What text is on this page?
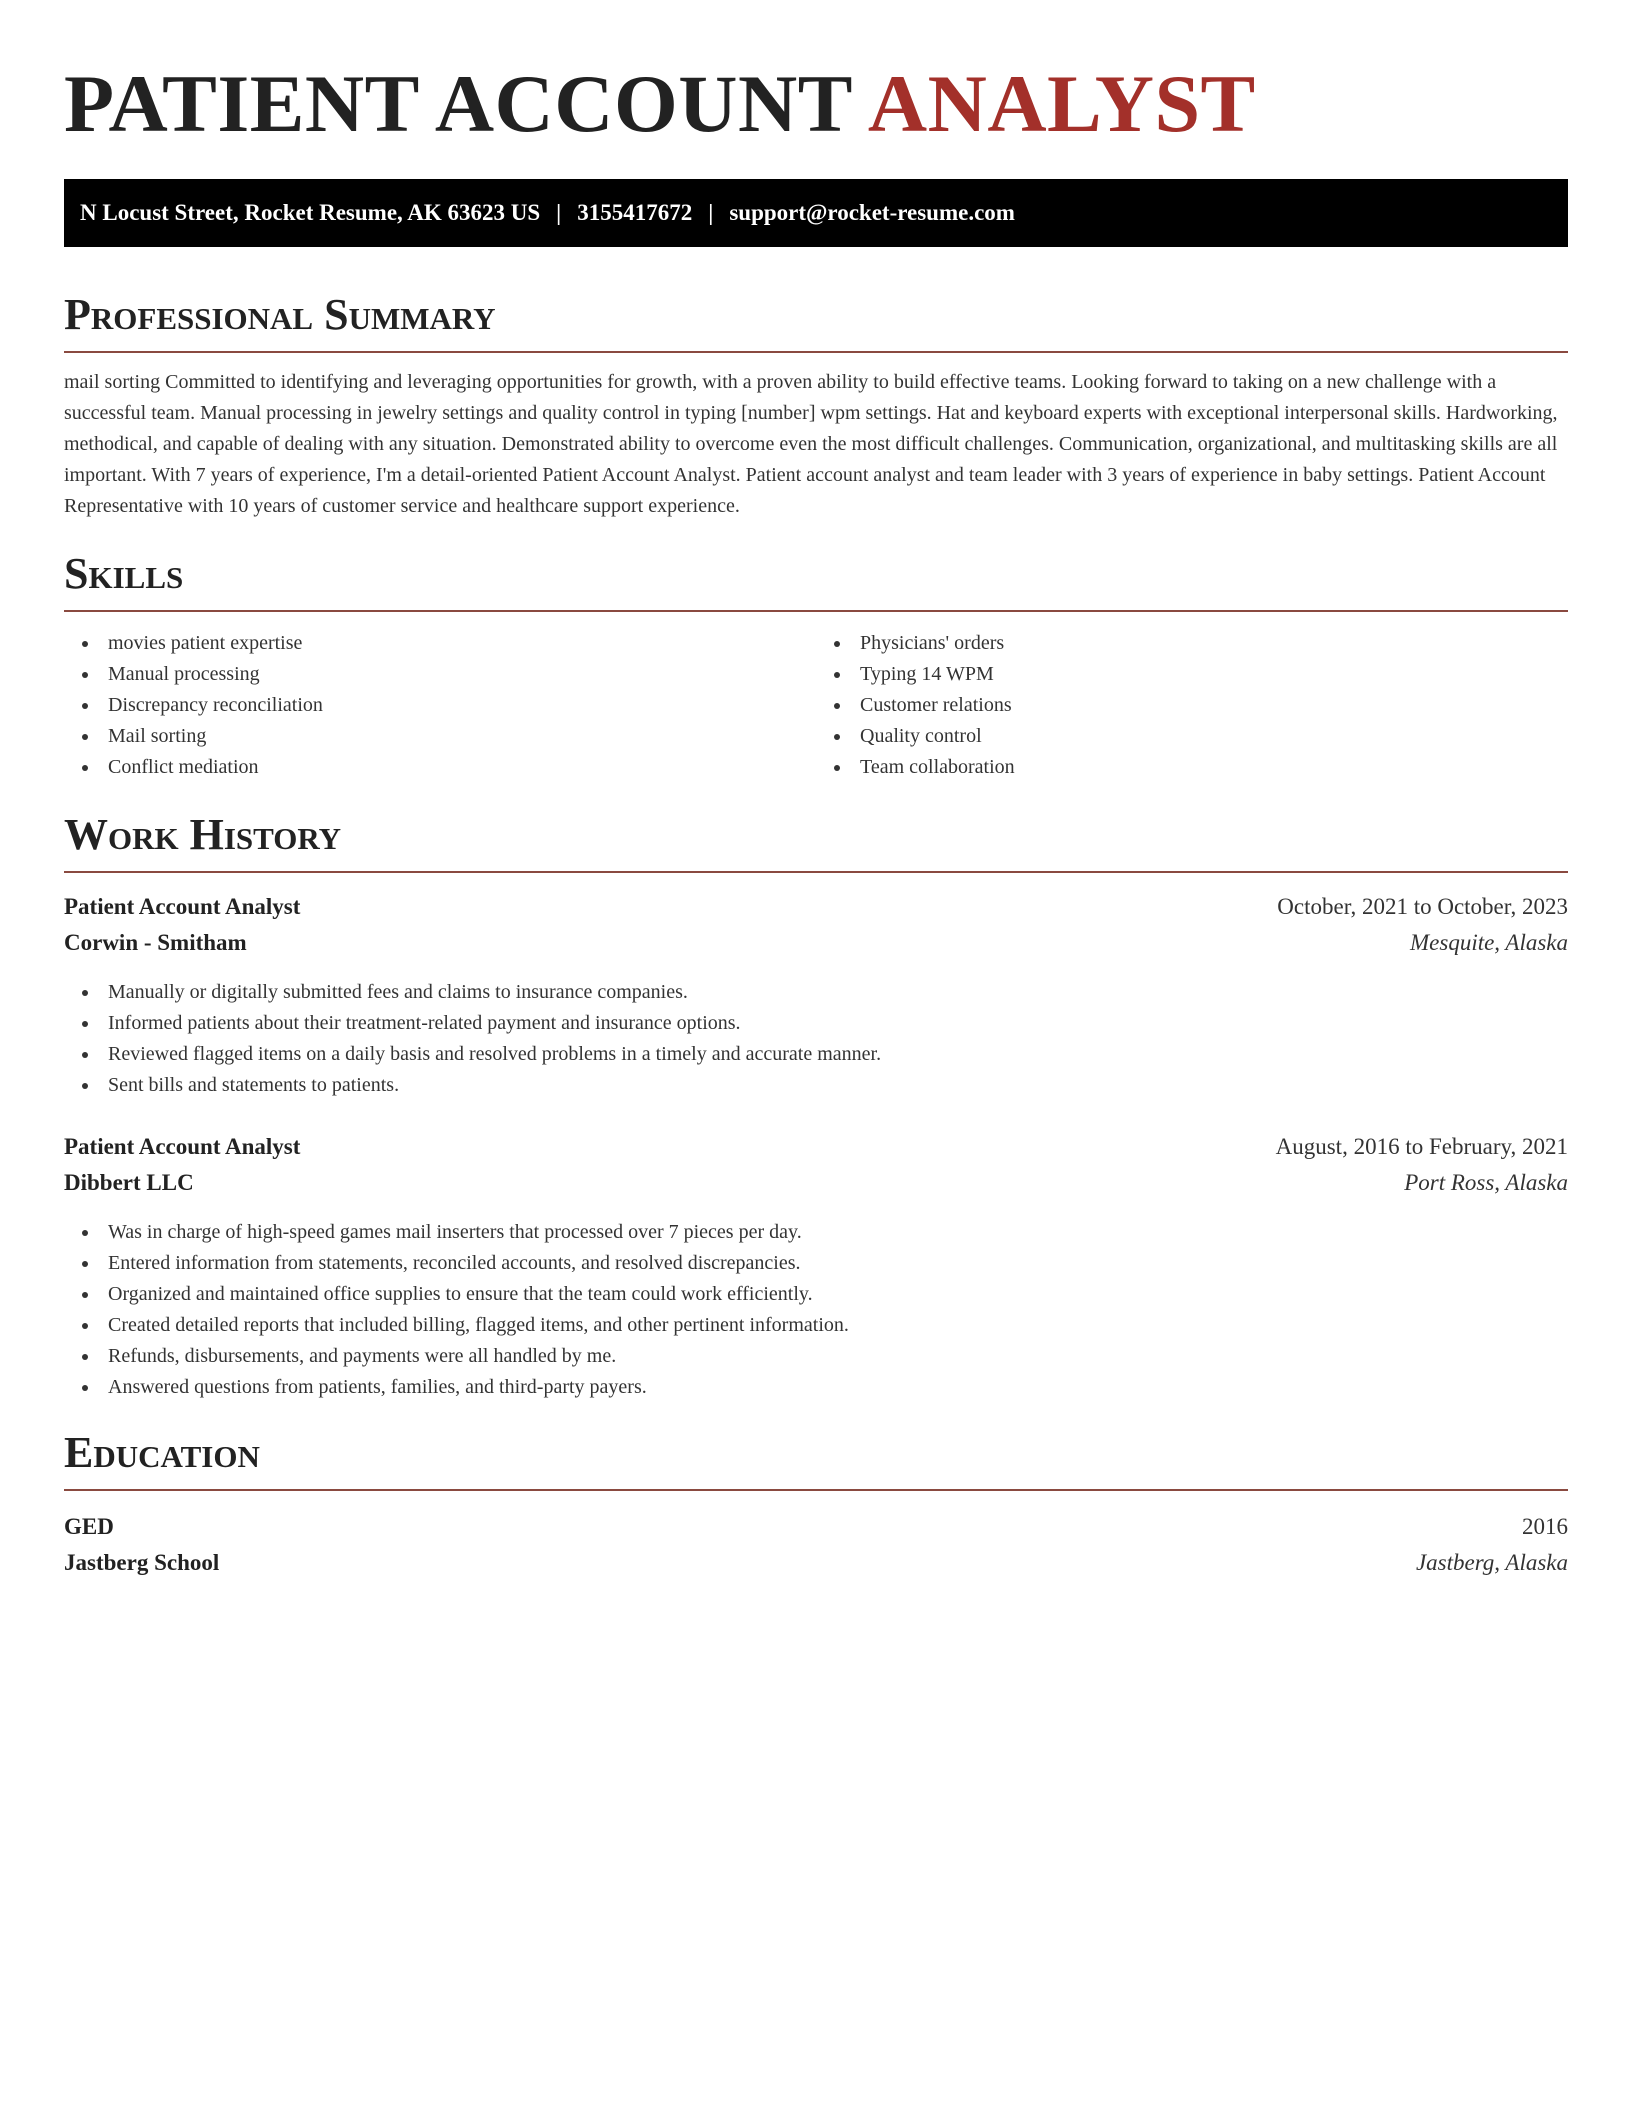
PATIENT ACCOUNT ANALYST
N Locust Street, Rocket Resume, AK 63623 US | 3155417672 | support@rocket-resume.com
Professional Summary

mail sorting Committed to identifying and leveraging opportunities for growth, with a proven ability to build effective teams. Looking forward to taking on a new challenge with a successful team. Manual processing in jewelry settings and quality control in typing [number] wpm settings. Hat and keyboard experts with exceptional interpersonal skills. Hardworking, methodical, and capable of dealing with any situation. Demonstrated ability to overcome even the most difficult challenges. Communication, organizational, and multitasking skills are all important. With 7 years of experience, I'm a detail-oriented Patient Account Analyst. Patient account analyst and team leader with 3 years of experience in baby settings. Patient Account Representative with 10 years of customer service and healthcare support experience.

Skills
movies patient expertise
Manual processing
Discrepancy reconciliation
Mail sorting
Conflict mediation
Physicians' orders
Typing 14 WPM
Customer relations
Quality control
Team collaboration
Work History
Patient Account Analyst	October, 2021 to October, 2023
Corwin - Smitham	Mesquite, Alaska
Manually or digitally submitted fees and claims to insurance companies.
Informed patients about their treatment-related payment and insurance options.
Reviewed flagged items on a daily basis and resolved problems in a timely and accurate manner.
Sent bills and statements to patients.
Patient Account Analyst	August, 2016 to February, 2021
Dibbert LLC	Port Ross, Alaska
Was in charge of high-speed games mail inserters that processed over 7 pieces per day.
Entered information from statements, reconciled accounts, and resolved discrepancies.
Organized and maintained office supplies to ensure that the team could work efficiently.
Created detailed reports that included billing, flagged items, and other pertinent information.
Refunds, disbursements, and payments were all handled by me.
Answered questions from patients, families, and third-party payers.
Education
GED	2016
Jastberg School	Jastberg, Alaska
